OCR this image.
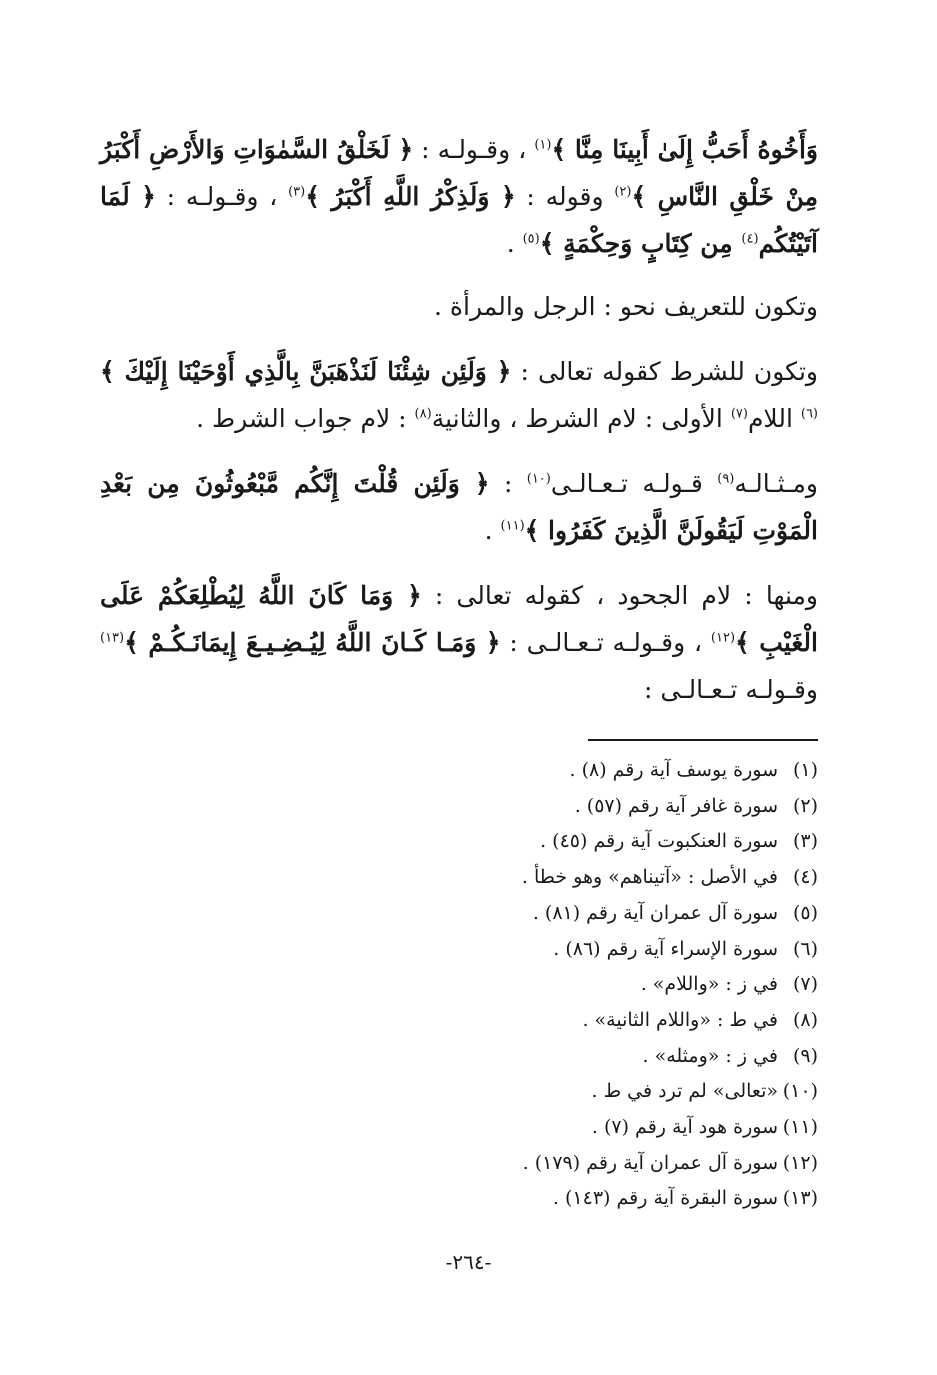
وَأَخُوهُ أَحَبُّ إِلَىٰ أَبِينَا مِنَّا ﴾$^{(١)}$ ، وقـولـه : ﴿ لَخَلْقُ السَّمٰوَاتِ وَالأَرْضِ أَكْبَرُ مِنْ خَلْقِ النَّاسِ ﴾$^{(٢)}$ وقوله : ﴿ وَلَذِكْرُ اللَّهِ أَكْبَرُ ﴾$^{(٣)}$ ، وقـولـه : ﴿ لَمَا آتَيْتُكُم$^{(٤)}$ مِن كِتَابٍ وَحِكْمَةٍ ﴾$^{(٥)}$ .

وتكون للتعريف نحو : الرجل والمرأة .

وتكون للشرط كقوله تعالى : ﴿ وَلَئِن شِئْنَا لَنَذْهَبَنَّ بِالَّذِي أَوْحَيْنَا إِلَيْكَ ﴾$^{(٦)}$ اللام$^{(٧)}$ الأولى : لام الشرط ، والثانية$^{(٨)}$ : لام جواب الشرط .

ومـثـالـه$^{(٩)}$ قـولـه تـعـالـى$^{(١٠)}$ : ﴿ وَلَئِن قُلْتَ إِنَّكُم مَّبْعُوثُونَ مِن بَعْدِ الْمَوْتِ لَيَقُولَنَّ الَّذِينَ كَفَرُوا ﴾$^{(١١)}$ .

ومنها : لام الجحود ، كقوله تعالى : ﴿ وَمَا كَانَ اللَّهُ لِيُطْلِعَكُمْ عَلَى الْغَيْبِ ﴾$^{(١٢)}$ ، وقـولـه تـعـالـى : ﴿ وَمَـا كَـانَ اللَّهُ لِيُـضِـيـعَ إِيمَانَـكُـمْ ﴾$^{(١٣)}$ وقـولـه تـعـالـى :

(١)سورة يوسف آية رقم (٨) .
(٢)سورة غافر آية رقم (٥٧) .
(٣)سورة العنكبوت آية رقم (٤٥) .
(٤)في الأصل : «آتيناهم» وهو خطأ .
(٥)سورة آل عمران آية رقم (٨١) .
(٦)سورة الإسراء آية رقم (٨٦) .
(٧)في ز : «واللام» .
(٨)في ط : «واللام الثانية» .
(٩)في ز : «ومثله» .
(١٠)«تعالى» لم ترد في ط .
(١١)سورة هود آية رقم (٧) .
(١٢)سورة آل عمران آية رقم (١٧٩) .
(١٣)سورة البقرة آية رقم (١٤٣) .
-٢٦٤-
